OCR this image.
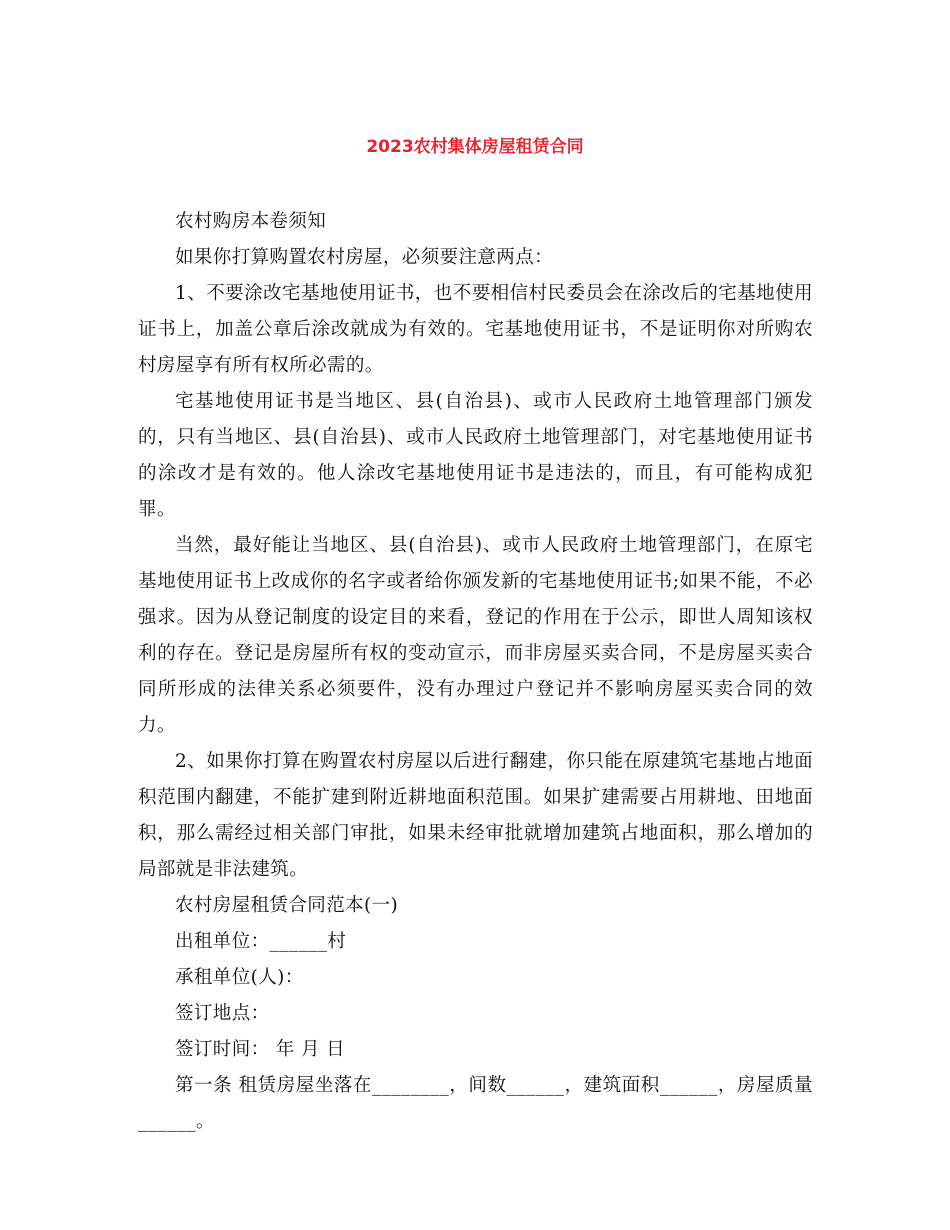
2023农村集体房屋租赁合同

农村购房本卷须知

如果你打算购置农村房屋，必须要注意两点：

1、不要涂改宅基地使用证书，也不要相信村民委员会在涂改后的宅基地使用证书上，加盖公章后涂改就成为有效的。宅基地使用证书，不是证明你对所购农村房屋享有所有权所必需的。

宅基地使用证书是当地区、县(自治县)、或市人民政府土地管理部门颁发的，只有当地区、县(自治县)、或市人民政府土地管理部门，对宅基地使用证书的涂改才是有效的。他人涂改宅基地使用证书是违法的，而且，有可能构成犯罪。

当然，最好能让当地区、县(自治县)、或市人民政府土地管理部门，在原宅基地使用证书上改成你的名字或者给你颁发新的宅基地使用证书;如果不能，不必强求。因为从登记制度的设定目的来看，登记的作用在于公示，即世人周知该权利的存在。登记是房屋所有权的变动宣示，而非房屋买卖合同，不是房屋买卖合同所形成的法律关系必须要件，没有办理过户登记并不影响房屋买卖合同的效力。

2、如果你打算在购置农村房屋以后进行翻建，你只能在原建筑宅基地占地面积范围内翻建，不能扩建到附近耕地面积范围。如果扩建需要占用耕地、田地面积，那么需经过相关部门审批，如果未经审批就增加建筑占地面积，那么增加的局部就是非法建筑。

农村房屋租赁合同范本(一)

出租单位：______村

承租单位(人)：

签订地点：

签订时间： 年 月 日

第一条 租赁房屋坐落在________，间数______，建筑面积______，房屋质量______。
